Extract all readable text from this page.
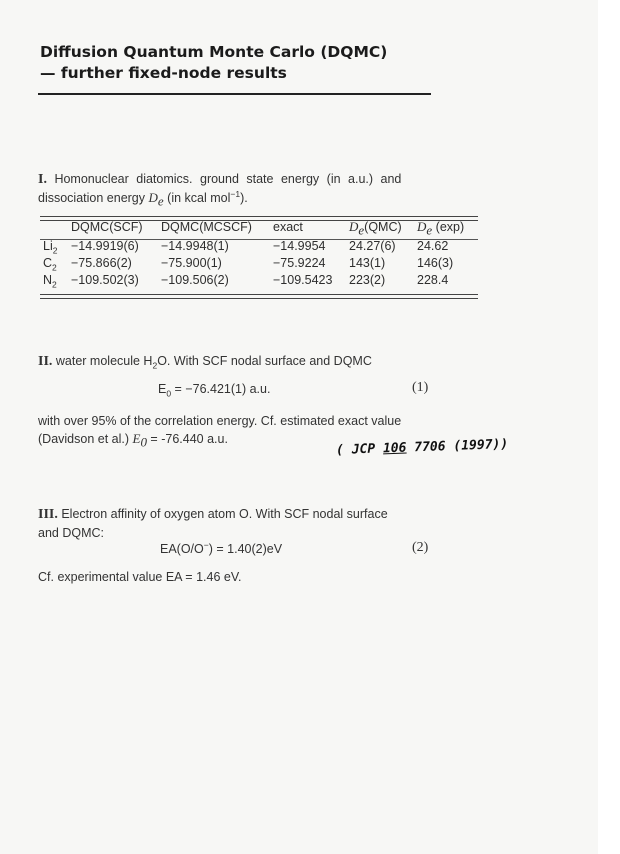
Diffusion Quantum Monte Carlo (DQMC)
— further fixed-node results
I. Homonuclear diatomics. ground state energy (in a.u.) and
dissociation energy $D_e$ (in kcal mol$^{-1}$).
	DQMC(SCF)	DQMC(MCSCF)	exact	$D_e(QMC)$	$D_e$ (exp)
$Li_2$	−14.9919(6)	−14.9948(1)	−14.9954	24.27(6)	24.62
$C_2$	−75.866(2)	−75.900(1)	−75.9224	143(1)	146(3)
$N_2$	−109.502(3)	−109.506(2)	−109.5423	223(2)	228.4
II. water molecule $H_2O$. With SCF nodal surface and DQMC
$E_0 = -76.421(1)$ a.u.	(1)
with over 95% of the correlation energy. Cf. estimated exact value
(Davidson et al.) $E_0 = -76.440$ a.u.
( JCP 106 7706 (1997))
III. Electron affinity of oxygen atom O. With SCF nodal surface
and DQMC:
EA(O/O−) = 1.40(2)eV	(2)
Cf. experimental value EA = 1.46 eV.
